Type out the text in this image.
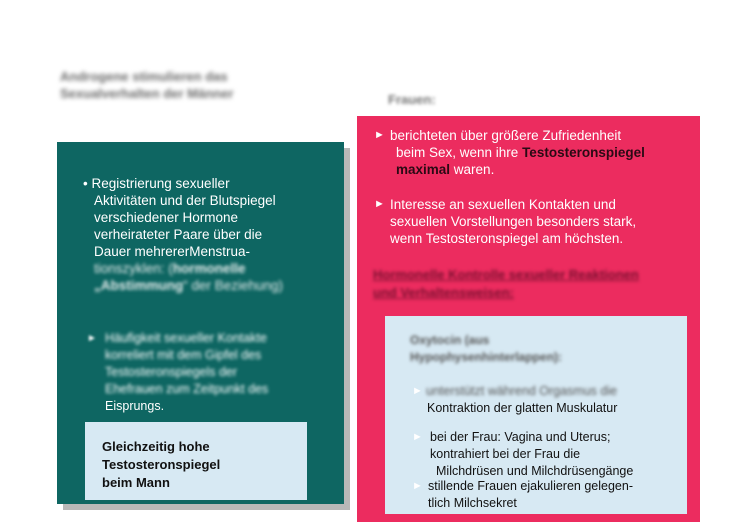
Androgene stimulieren das
Sexualverhalten der Männer	Frauen:
• Registrierung sexueller
Aktivitäten und der Blutspiegel
verschiedener Hormone
verheirateter Paare über die
Dauer mehrererMenstrua-
tionszyklen: (hormonelle
„Abstimmung“ der Beziehung)
► Häufigkeit sexueller Kontakte
korreliert mit dem Gipfel des
Testosteronspiegels der
Ehefrauen zum Zeitpunkt des
Eisprungs.
Gleichzeitig hohe
Testosteronspiegel
beim Mann
► berichteten über größere Zufriedenheit
beim Sex, wenn ihre Testosteronspiegel
maximal waren.
► Interesse an sexuellen Kontakten und
sexuellen Vorstellungen besonders stark,
wenn Testosteronspiegel am höchsten.
Hormonelle Kontrolle sexueller Reaktionen
und Verhaltensweisen:
Oxytocin (aus
Hypophysenhinterlappen):
► unterstützt während Orgasmus die
Kontraktion der glatten Muskulatur
► bei der Frau: Vagina und Uterus;
kontrahiert bei der Frau die
Milchdrüsen und Milchdrüsengänge
► stillende Frauen ejakulieren gelegen-
tlich Milchsekret
